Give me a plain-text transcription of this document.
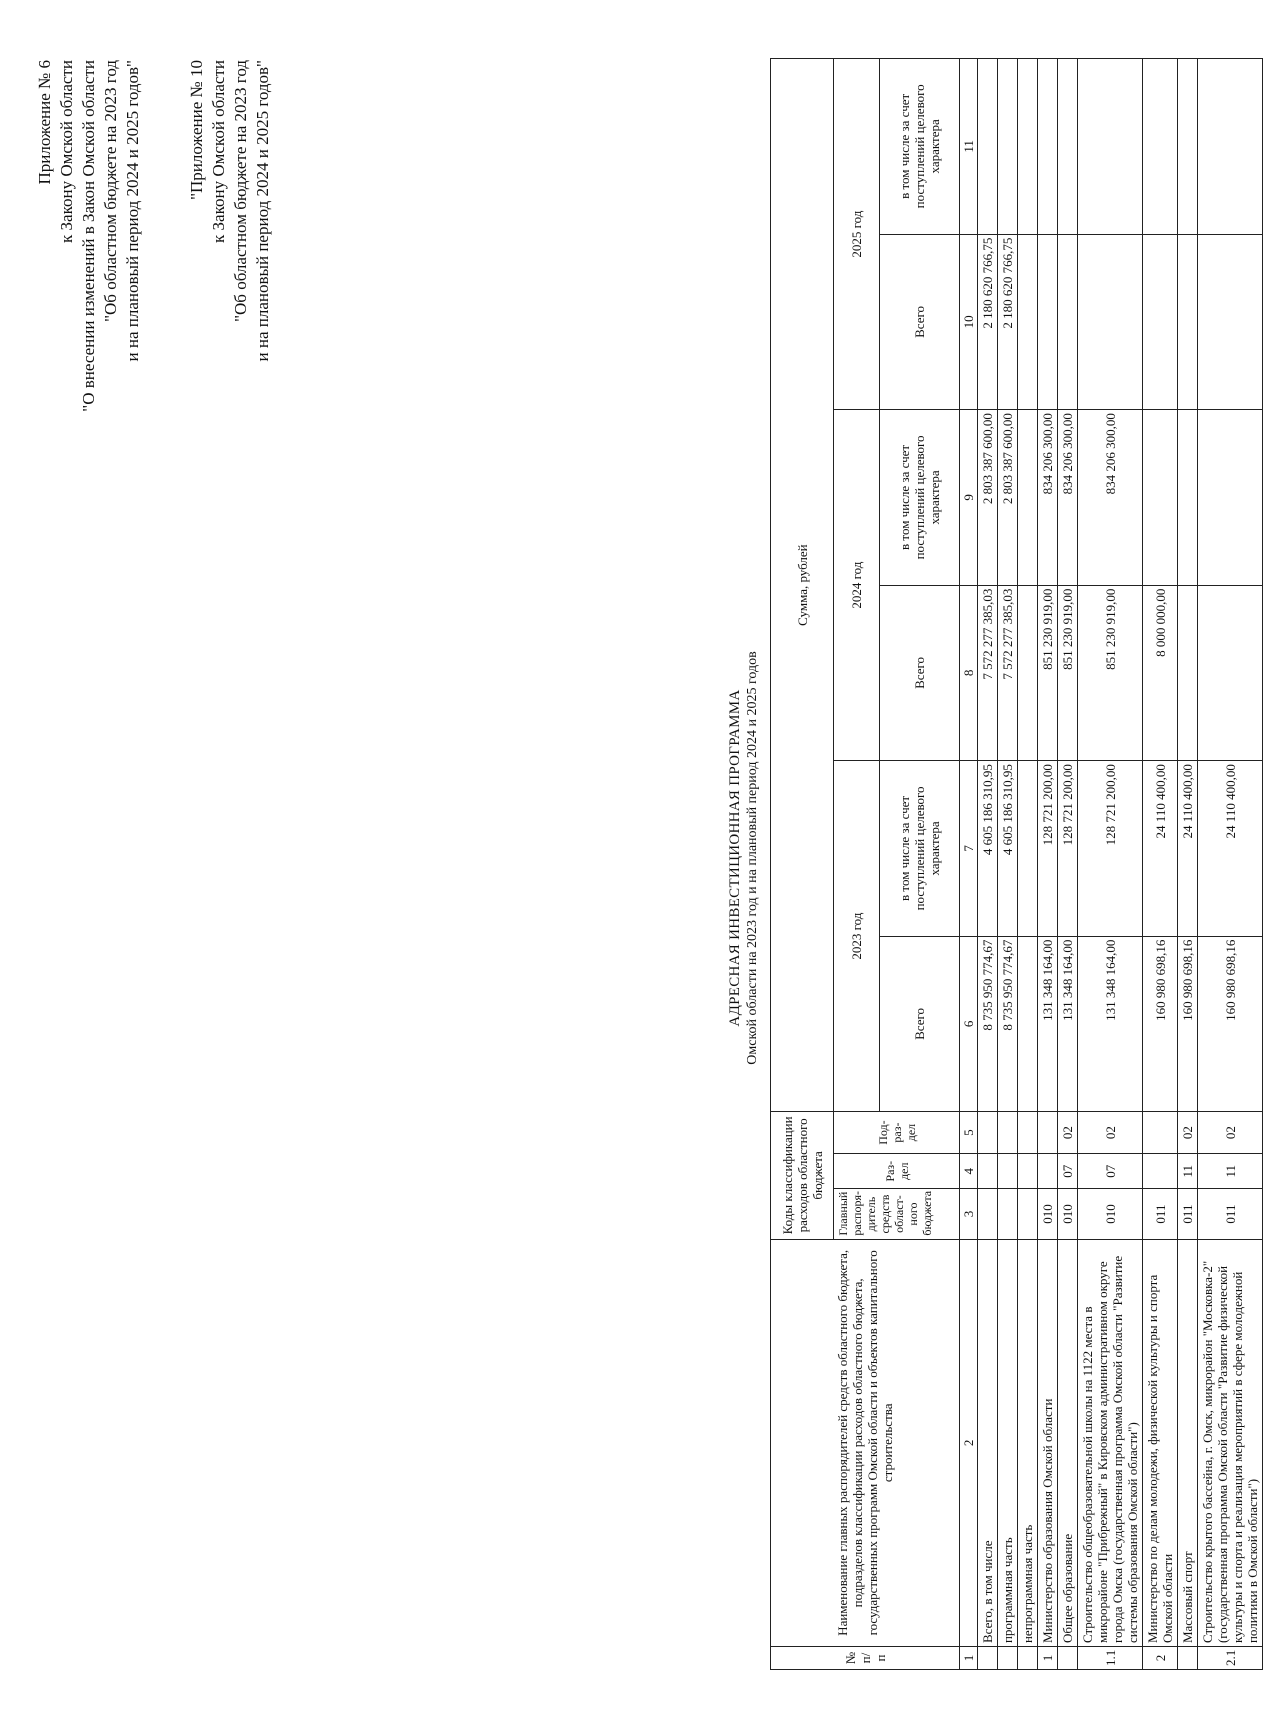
Приложение № 6 к Закону Омской области "О внесении изменений в Закон Омской области "Об областном бюджете на 2023 год и на плановый период 2024 и 2025 годов"	"Приложение № 10 к Закону Омской области "Об областном бюджете на 2023 год и на плановый период 2024 и 2025 годов"
АДРЕСНАЯ ИНВЕСТИЦИОННАЯ ПРОГРАММА Омской области на 2023 год и на плановый период 2024 и 2025 годов
№ п/п	Наименование главных распорядителей средств областного бюджета, подразделов классификации расходов областного бюджета, государственных программ Омской области и объектов капитального строительства	Коды классификации расходов областного бюджета			Сумма, рублей					
		Главный распоря-дитель средств област-ного бюджета	Раз-дел	Под-раз-дел	2023 год		2024 год		2025 год	
					Всего	в том числе за счет поступлений целевого характера	Всего	в том числе за счет поступлений целевого характера	Всего	в том числе за счет поступлений целевого характера
1	2	3	4	5	6	7	8	9	10	11
	Всего, в том числе				8 735 950 774,67	4 605 186 310,95	7 572 277 385,03	2 803 387 600,00	2 180 620 766,75	
	программная часть				8 735 950 774,67	4 605 186 310,95	7 572 277 385,03	2 803 387 600,00	2 180 620 766,75	
	непрограммная часть									
1	Министерство образования Омской области	010			131 348 164,00	128 721 200,00	851 230 919,00	834 206 300,00		
	Общее образование	010	07	02	131 348 164,00	128 721 200,00	851 230 919,00	834 206 300,00		
1.1	Строительство общеобразовательной школы на 1122 места в микрорайоне "Прибрежный" в Кировском административном округе города Омска (государственная программа Омской области "Развитие системы образования Омской области")	010	07	02	131 348 164,00	128 721 200,00	851 230 919,00	834 206 300,00		
2	Министерство по делам молодежи, физической культуры и спорта Омской области	011			160 980 698,16	24 110 400,00	8 000 000,00			
	Массовый спорт	011	11	02	160 980 698,16	24 110 400,00				
2.1	Строительство крытого бассейна, г. Омск, микрорайон "Московка-2" (государственная программа Омской области "Развитие физической культуры и спорта и реализация мероприятий в сфере молодежной политики в Омской области")	011	11	02	160 980 698,16	24 110 400,00				
